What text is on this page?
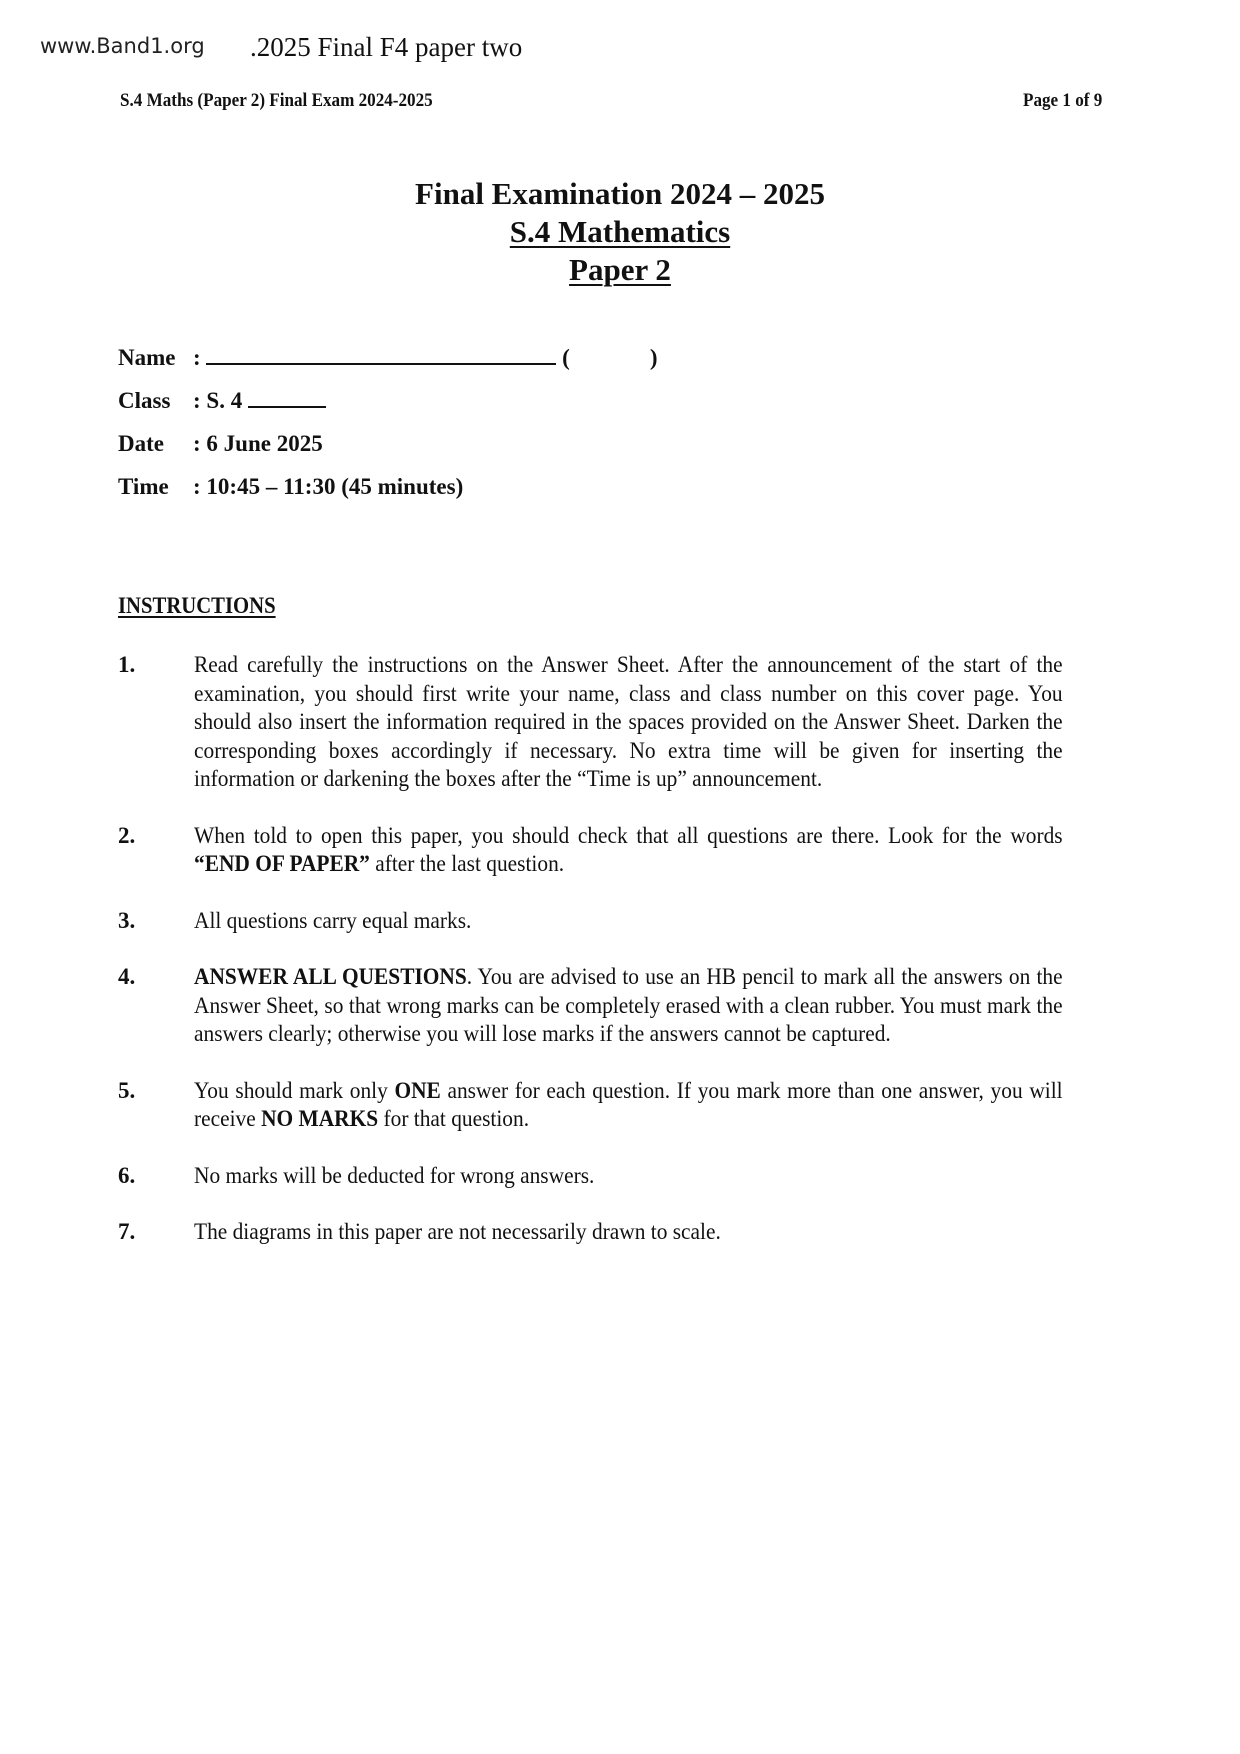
www.Band1.org .2025 Final F4 paper two
S.4 Maths (Paper 2) Final Exam 2024-2025	Page 1 of 9
Final Examination 2024 – 2025
S.4 Mathematics
Paper 2
Name :

	(	)
Class : S. 4

Date	: 6 June 2025
Time	: 10:45 – 11:30 (45 minutes)
INSTRUCTIONS
1.	Read carefully the instructions on the Answer Sheet. After the announcement of the start of the examination, you should first write your name, class and class number on this cover page. You should also insert the information required in the spaces provided on the Answer Sheet. Darken the corresponding boxes accordingly if necessary. No extra time will be given for inserting the information or darkening the boxes after the “Time is up” announcement.
2.	When told to open this paper, you should check that all questions are there. Look for the words “END OF PAPER” after the last question.
3.	All questions carry equal marks.
4.	ANSWER ALL QUESTIONS. You are advised to use an HB pencil to mark all the answers on the Answer Sheet, so that wrong marks can be completely erased with a clean rubber. You must mark the answers clearly; otherwise you will lose marks if the answers cannot be captured.
5.	You should mark only ONE answer for each question. If you mark more than one answer, you will receive NO MARKS for that question.
6.	No marks will be deducted for wrong answers.
7.	The diagrams in this paper are not necessarily drawn to scale.
